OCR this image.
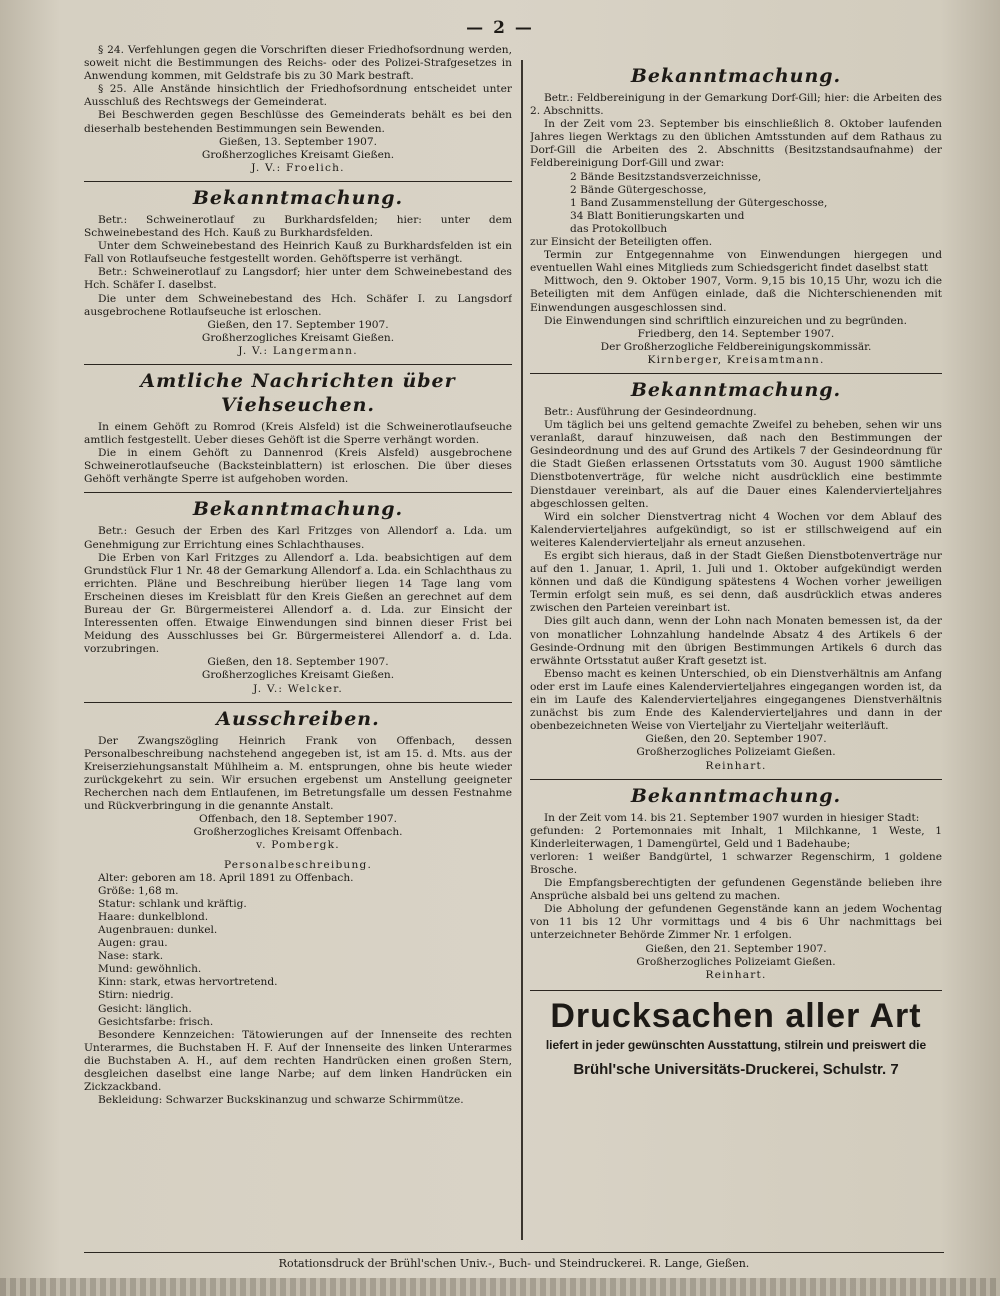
— 2 —

§ 24. Verfehlungen gegen die Vorschriften dieser Friedhofsordnung werden, soweit nicht die Bestimmungen des Reichs- oder des Polizei-Strafgesetzes in Anwendung kommen, mit Geldstrafe bis zu 30 Mark bestraft.

§ 25. Alle Anstände hinsichtlich der Friedhofsordnung entscheidet unter Ausschluß des Rechtswegs der Gemeinderat.

Bei Beschwerden gegen Beschlüsse des Gemeinderats behält es bei den dieserhalb bestehenden Bestimmungen sein Bewenden.

Gießen, 13. September 1907.

Großherzogliches Kreisamt Gießen.

J. V.: Froelich.

Bekanntmachung.

Betr.: Schweinerotlauf zu Burkhardsfelden; hier: unter dem Schweinebestand des Hch. Kauß zu Burkhardsfelden.

Unter dem Schweinebestand des Heinrich Kauß zu Burkhardsfelden ist ein Fall von Rotlaufseuche festgestellt worden. Gehöftsperre ist verhängt.

Betr.: Schweinerotlauf zu Langsdorf; hier unter dem Schweinebestand des Hch. Schäfer I. daselbst.

Die unter dem Schweinebestand des Hch. Schäfer I. zu Langsdorf ausgebrochene Rotlaufseuche ist erloschen.

Gießen, den 17. September 1907.

Großherzogliches Kreisamt Gießen.

J. V.: Langermann.

Amtliche Nachrichten über Viehseuchen.

In einem Gehöft zu Romrod (Kreis Alsfeld) ist die Schweinerotlaufseuche amtlich festgestellt. Ueber dieses Gehöft ist die Sperre verhängt worden.

Die in einem Gehöft zu Dannenrod (Kreis Alsfeld) ausgebrochene Schweinerotlaufseuche (Backsteinblattern) ist erloschen. Die über dieses Gehöft verhängte Sperre ist aufgehoben worden.

Bekanntmachung.

Betr.: Gesuch der Erben des Karl Fritzges von Allendorf a. Lda. um Genehmigung zur Errichtung eines Schlachthauses.

Die Erben von Karl Fritzges zu Allendorf a. Lda. beabsichtigen auf dem Grundstück Flur 1 Nr. 48 der Gemarkung Allendorf a. Lda. ein Schlachthaus zu errichten. Pläne und Beschreibung hierüber liegen 14 Tage lang vom Erscheinen dieses im Kreisblatt für den Kreis Gießen an gerechnet auf dem Bureau der Gr. Bürgermeisterei Allendorf a. d. Lda. zur Einsicht der Interessenten offen. Etwaige Einwendungen sind binnen dieser Frist bei Meidung des Ausschlusses bei Gr. Bürgermeisterei Allendorf a. d. Lda. vorzubringen.

Gießen, den 18. September 1907.

Großherzogliches Kreisamt Gießen.

J. V.: Welcker.

Ausschreiben.

Der Zwangszögling Heinrich Frank von Offenbach, dessen Personalbeschreibung nachstehend angegeben ist, ist am 15. d. Mts. aus der Kreiserziehungsanstalt Mühlheim a. M. entsprungen, ohne bis heute wieder zurückgekehrt zu sein. Wir ersuchen ergebenst um Anstellung geeigneter Recherchen nach dem Entlaufenen, im Betretungsfalle um dessen Festnahme und Rückverbringung in die genannte Anstalt.

Offenbach, den 18. September 1907.

Großherzogliches Kreisamt Offenbach.

v. Pombergk.

Personalbeschreibung.

Alter: geboren am 18. April 1891 zu Offenbach.
Größe: 1,68 m.
Statur: schlank und kräftig.
Haare: dunkelblond.
Augenbrauen: dunkel.
Augen: grau.
Nase: stark.
Mund: gewöhnlich.
Kinn: stark, etwas hervortretend.
Stirn: niedrig.
Gesicht: länglich.
Gesichtsfarbe: frisch.

Besondere Kennzeichen: Tätowierungen auf der Innenseite des rechten Unterarmes, die Buchstaben H. F. Auf der Innenseite des linken Unterarmes die Buchstaben A. H., auf dem rechten Handrücken einen großen Stern, desgleichen daselbst eine lange Narbe; auf dem linken Handrücken ein Zickzackband.

Bekleidung: Schwarzer Buckskinanzug und schwarze Schirmmütze.

Bekanntmachung.

Betr.: Feldbereinigung in der Gemarkung Dorf-Gill; hier: die Arbeiten des 2. Abschnitts.

In der Zeit vom 23. September bis einschließlich 8. Oktober laufenden Jahres liegen Werktags zu den üblichen Amtsstunden auf dem Rathaus zu Dorf-Gill die Arbeiten des 2. Abschnitts (Besitzstandsaufnahme) der Feldbereinigung Dorf-Gill und zwar:

2 Bände Besitzstandsverzeichnisse,
2 Bände Gütergeschosse,
1 Band Zusammenstellung der Gütergeschosse,
34 Blatt Bonitierungskarten und
das Protokollbuch

zur Einsicht der Beteiligten offen.

Termin zur Entgegennahme von Einwendungen hiergegen und eventuellen Wahl eines Mitglieds zum Schiedsgericht findet daselbst statt

Mittwoch, den 9. Oktober 1907, Vorm. 9,15 bis 10,15 Uhr, wozu ich die Beteiligten mit dem Anfügen einlade, daß die Nichterschienenden mit Einwendungen ausgeschlossen sind.

Die Einwendungen sind schriftlich einzureichen und zu begründen.

Friedberg, den 14. September 1907.

Der Großherzogliche Feldbereinigungskommissär.

Kirnberger, Kreisamtmann.

Bekanntmachung.

Betr.: Ausführung der Gesindeordnung.

Um täglich bei uns geltend gemachte Zweifel zu beheben, sehen wir uns veranlaßt, darauf hinzuweisen, daß nach den Bestimmungen der Gesindeordnung und des auf Grund des Artikels 7 der Gesindeordnung für die Stadt Gießen erlassenen Ortsstatuts vom 30. August 1900 sämtliche Dienstbotenverträge, für welche nicht ausdrücklich eine bestimmte Dienstdauer vereinbart, als auf die Dauer eines Kalendervierteljahres abgeschlossen gelten.

Wird ein solcher Dienstvertrag nicht 4 Wochen vor dem Ablauf des Kalendervierteljahres aufgekündigt, so ist er stillschweigend auf ein weiteres Kalendervierteljahr als erneut anzusehen.

Es ergibt sich hieraus, daß in der Stadt Gießen Dienstbotenverträge nur auf den 1. Januar, 1. April, 1. Juli und 1. Oktober aufgekündigt werden können und daß die Kündigung spätestens 4 Wochen vorher jeweiligen Termin erfolgt sein muß, es sei denn, daß ausdrücklich etwas anderes zwischen den Parteien vereinbart ist.

Dies gilt auch dann, wenn der Lohn nach Monaten bemessen ist, da der von monatlicher Lohnzahlung handelnde Absatz 4 des Artikels 6 der Gesinde-Ordnung mit den übrigen Bestimmungen Artikels 6 durch das erwähnte Ortsstatut außer Kraft gesetzt ist.

Ebenso macht es keinen Unterschied, ob ein Dienstverhältnis am Anfang oder erst im Laufe eines Kalendervierteljahres eingegangen worden ist, da ein im Laufe des Kalendervierteljahres eingegangenes Dienstverhältnis zunächst bis zum Ende des Kalendervierteljahres und dann in der obenbezeichneten Weise von Vierteljahr zu Vierteljahr weiterläuft.

Gießen, den 20. September 1907.

Großherzogliches Polizeiamt Gießen.

Reinhart.

Bekanntmachung.

In der Zeit vom 14. bis 21. September 1907 wurden in hiesiger Stadt:

gefunden: 2 Portemonnaies mit Inhalt, 1 Milchkanne, 1 Weste, 1 Kinderleiterwagen, 1 Damengürtel, Geld und 1 Badehaube;

verloren: 1 weißer Bandgürtel, 1 schwarzer Regenschirm, 1 goldene Brosche.

Die Empfangsberechtigten der gefundenen Gegenstände belieben ihre Ansprüche alsbald bei uns geltend zu machen.

Die Abholung der gefundenen Gegenstände kann an jedem Wochentag von 11 bis 12 Uhr vormittags und 4 bis 6 Uhr nachmittags bei unterzeichneter Behörde Zimmer Nr. 1 erfolgen.

Gießen, den 21. September 1907.

Großherzogliches Polizeiamt Gießen.

Reinhart.

Drucksachen aller Art
liefert in jeder gewünschten Ausstattung, stilrein und preiswert die
Brühl'sche Universitäts-Druckerei, Schulstr. 7
Rotationsdruck der Brühl'schen Univ.-, Buch- und Steindruckerei. R. Lange, Gießen.
